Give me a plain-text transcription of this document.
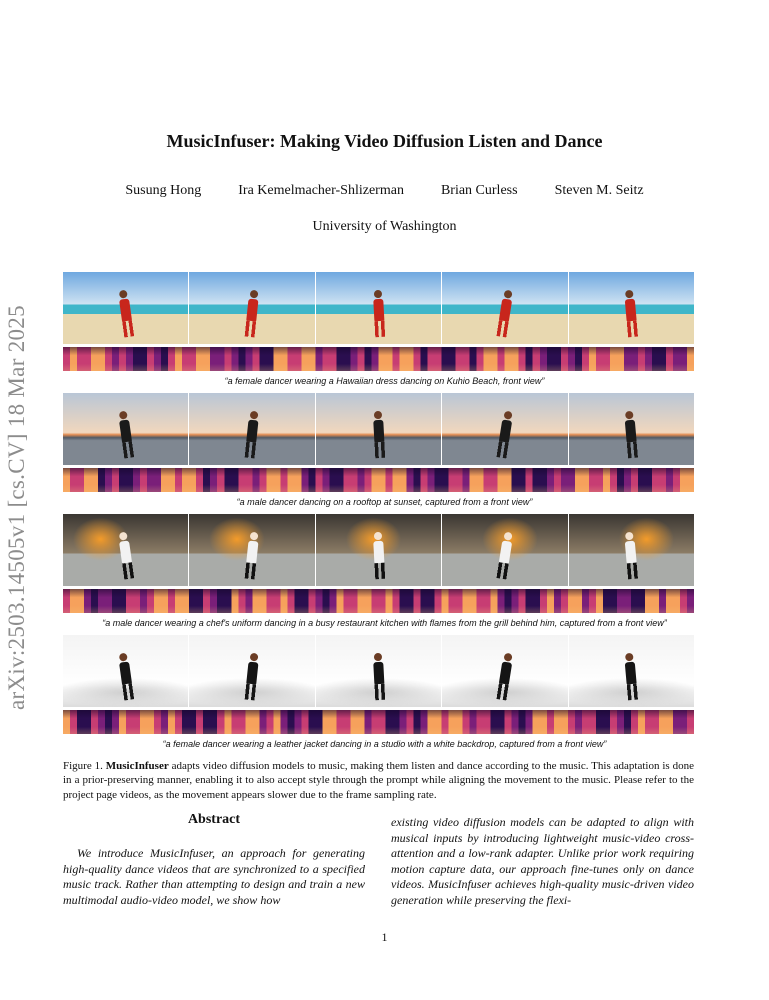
MusicInfuser: Making Video Diffusion Listen and Dance
Susung Hong	Ira Kemelmacher-Shlizerman	Brian Curless	Steven M. Seitz
University of Washington
arXiv:2503.14505v1 [cs.CV] 18 Mar 2025	“a female dancer wearing a Hawaiian dress dancing on Kuhio Beach, front view”
“a male dancer dancing on a rooftop at sunset, captured from a front view”
“a male dancer wearing a chef's uniform dancing in a busy restaurant kitchen with flames from the grill behind him, captured from a front view”
“a female dancer wearing a leather jacket dancing in a studio with a white backdrop, captured from a front view”

Figure 1. MusicInfuser adapts video diffusion models to music, making them listen and dance according to the music. This adaptation is done in a prior-preserving manner, enabling it to also accept style through the prompt while aligning the movement to the music. Please refer to the project page videos, as the movement appears slower due to the frame sampling rate.

Abstract

We introduce MusicInfuser, an approach for generating high-quality dance videos that are synchronized to a specified music track. Rather than attempting to design and train a new multimodal audio-video model, we show how

existing video diffusion models can be adapted to align with musical inputs by introducing lightweight music-video cross-attention and a low-rank adapter. Unlike prior work requiring motion capture data, our approach fine-tunes only on dance videos. MusicInfuser achieves high-quality music-driven video generation while preserving the flexi-

1
